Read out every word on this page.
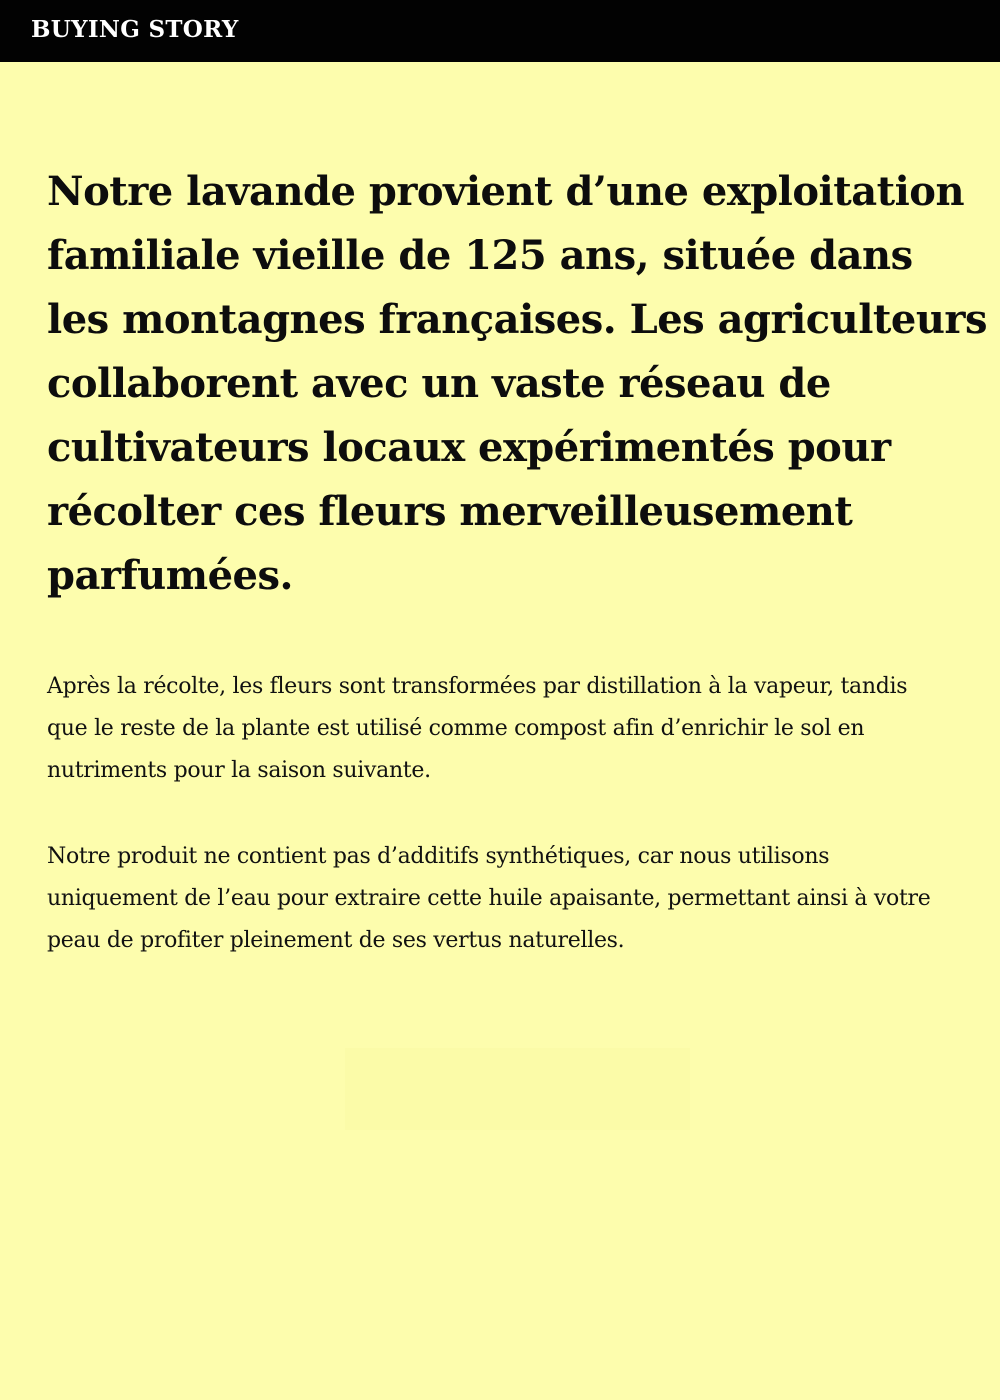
BUYING STORY
Notre lavande provient d’une exploitation familiale vieille de 125 ans, située dans les montagnes françaises. Les agriculteurs collaborent avec un vaste réseau de cultivateurs locaux expérimentés pour récolter ces fleurs merveilleusement parfumées.

Après la récolte, les fleurs sont transformées par distillation à la vapeur, tandis que le reste de la plante est utilisé comme compost afin d’enrichir le sol en nutriments pour la saison suivante.

Notre produit ne contient pas d’additifs synthétiques, car nous utilisons uniquement de l’eau pour extraire cette huile apaisante, permettant ainsi à votre peau de profiter pleinement de ses vertus naturelles.
